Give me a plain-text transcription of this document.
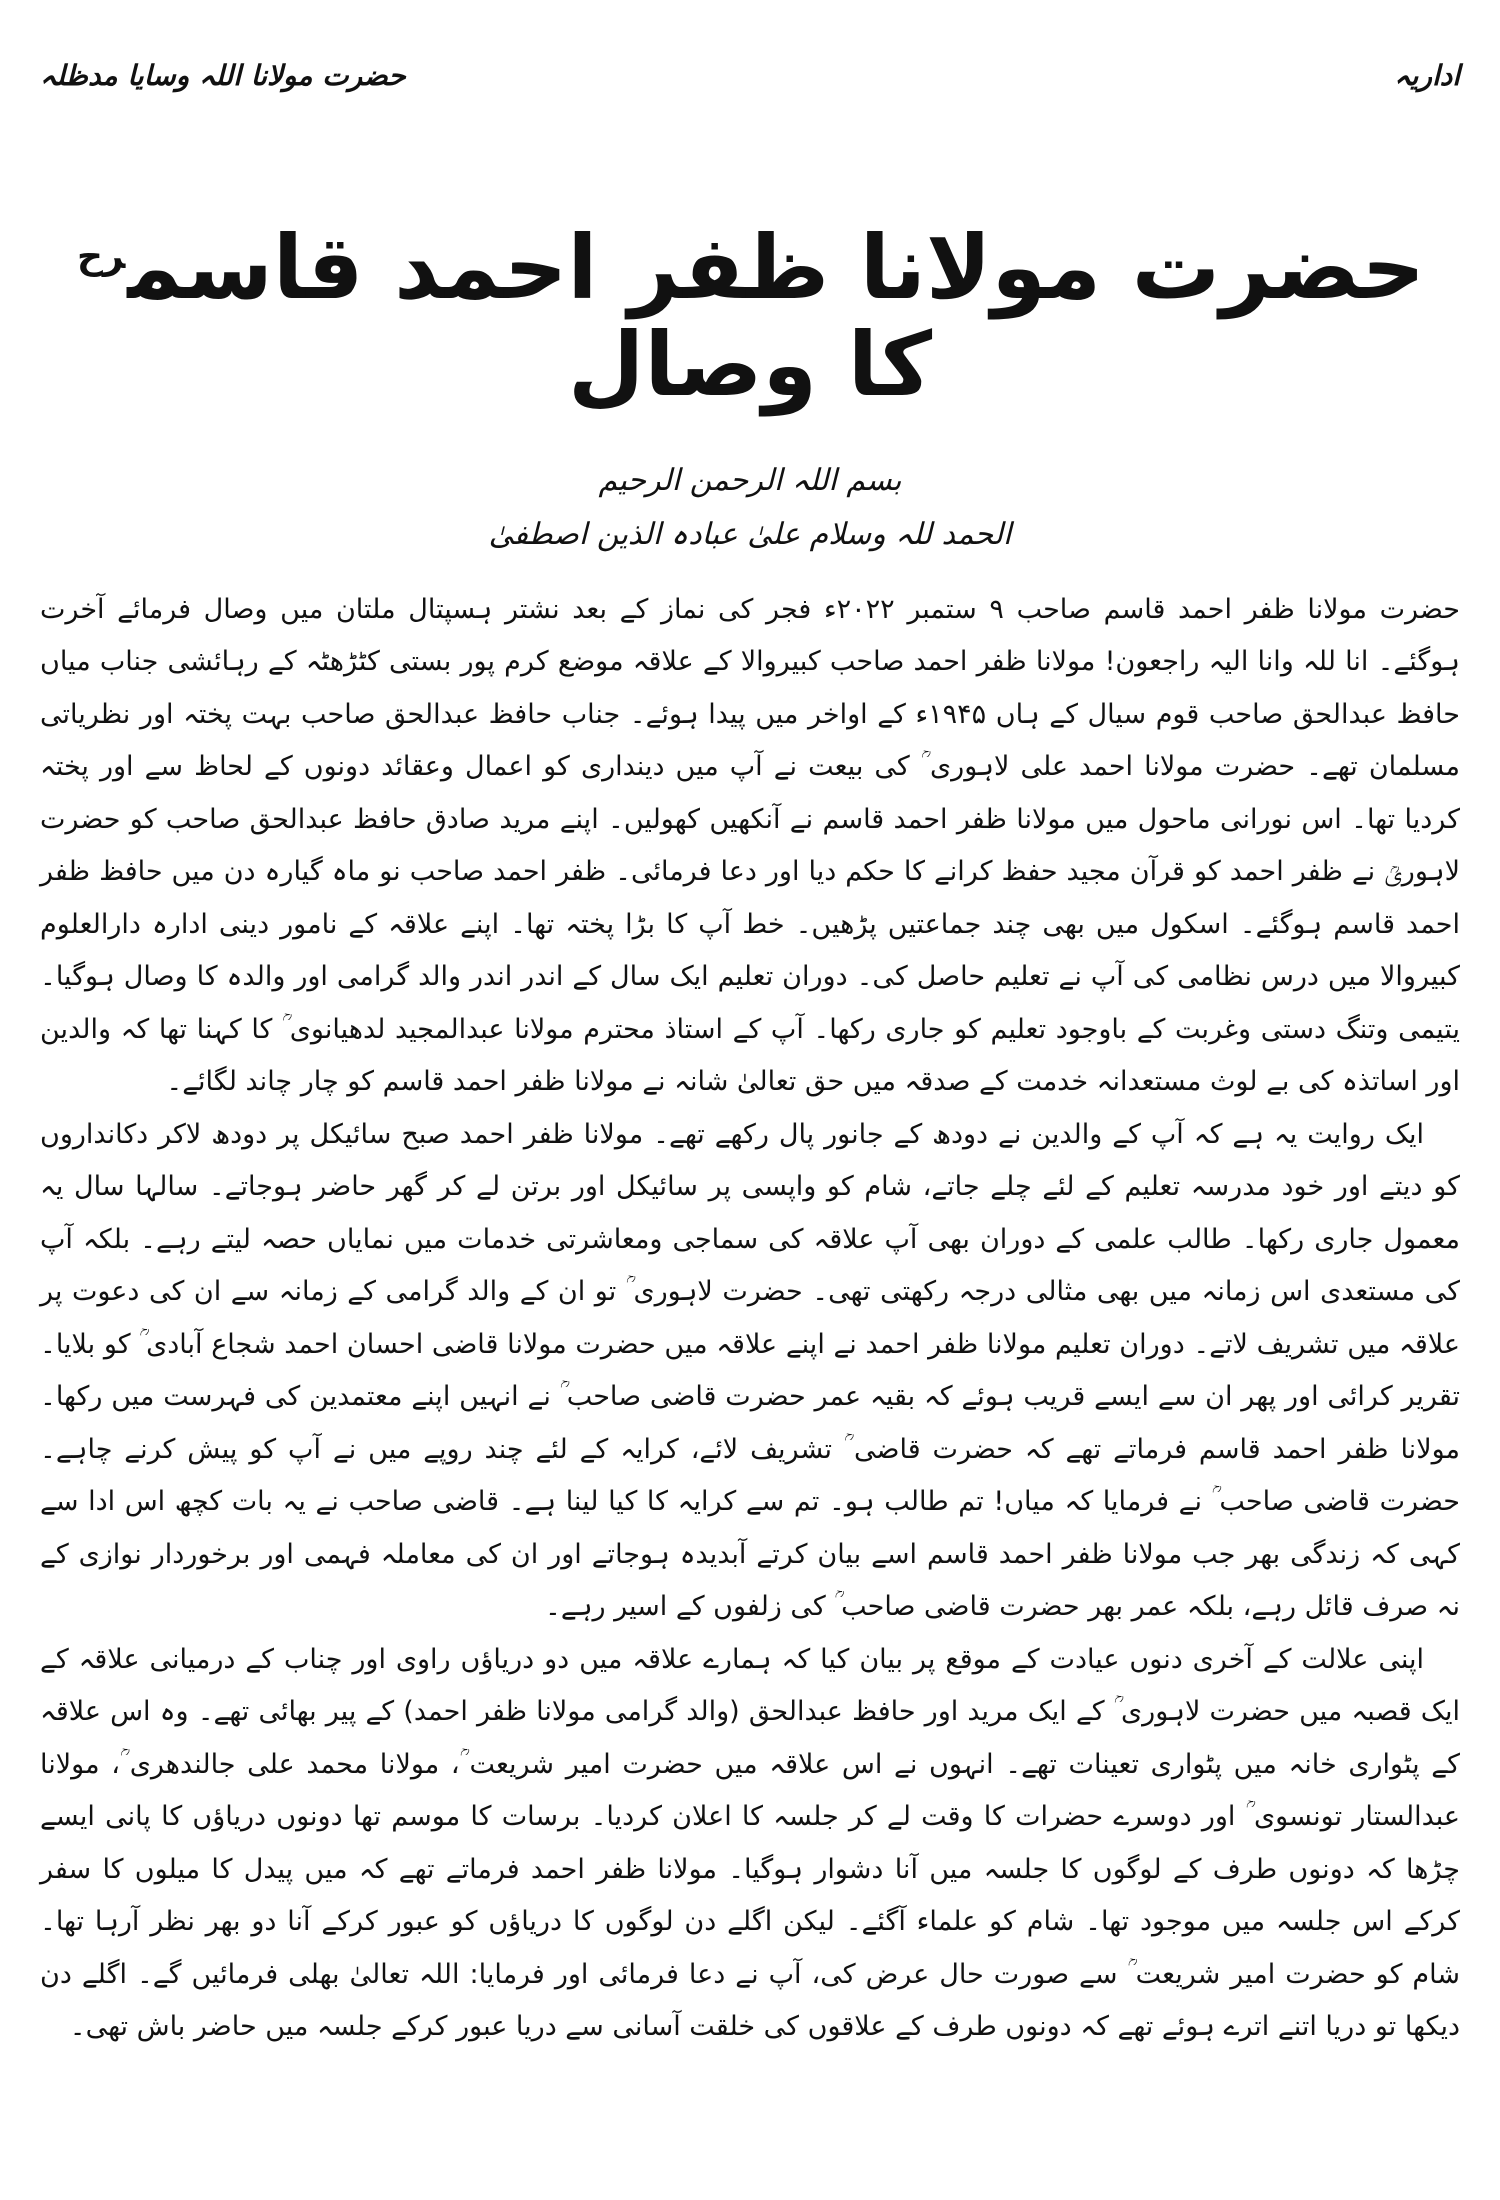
اداریہ
حضرت مولانا اللہ وسایا مدظلہ
حضرت مولانا ظفر احمد قاسم$^{رح}$ کا وصال

بسم اللہ الرحمن الرحیم

الحمد للہ وسلام علیٰ عبادہ الذین اصطفیٰ

حضرت مولانا ظفر احمد قاسم صاحب ۹ ستمبر ۲۰۲۲ء فجر کی نماز کے بعد نشتر ہسپتال ملتان میں وصال فرمائے آخرت ہوگئے۔ انا للہ وانا الیہ راجعون! مولانا ظفر احمد صاحب کبیروالا کے علاقہ موضع کرم پور بستی کٹڑھٹہ کے رہائشی جناب میاں حافظ عبدالحق صاحب قوم سیال کے ہاں ۱۹۴۵ء کے اواخر میں پیدا ہوئے۔ جناب حافظ عبدالحق صاحب بہت پختہ اور نظریاتی مسلمان تھے۔ حضرت مولانا احمد علی لاہوری ؒ کی بیعت نے آپ میں دینداری کو اعمال وعقائد دونوں کے لحاظ سے اور پختہ کردیا تھا۔ اس نورانی ماحول میں مولانا ظفر احمد قاسم نے آنکھیں کھولیں۔ اپنے مرید صادق حافظ عبدالحق صاحب کو حضرت لاہوریؒ نے ظفر احمد کو قرآن مجید حفظ کرانے کا حکم دیا اور دعا فرمائی۔ ظفر احمد صاحب نو ماہ گیارہ دن میں حافظ ظفر احمد قاسم ہوگئے۔ اسکول میں بھی چند جماعتیں پڑھیں۔ خط آپ کا بڑا پختہ تھا۔ اپنے علاقہ کے نامور دینی ادارہ دارالعلوم کبیروالا میں درس نظامی کی آپ نے تعلیم حاصل کی۔ دوران تعلیم ایک سال کے اندر اندر والد گرامی اور والدہ کا وصال ہوگیا۔ یتیمی وتنگ دستی وغربت کے باوجود تعلیم کو جاری رکھا۔ آپ کے استاذ محترم مولانا عبدالمجید لدھیانوی ؒ کا کہنا تھا کہ والدین اور اساتذہ کی بے لوث مستعدانہ خدمت کے صدقہ میں حق تعالیٰ شانہ نے مولانا ظفر احمد قاسم کو چار چاند لگائے۔

ایک روایت یہ ہے کہ آپ کے والدین نے دودھ کے جانور پال رکھے تھے۔ مولانا ظفر احمد صبح سائیکل پر دودھ لاکر دکانداروں کو دیتے اور خود مدرسہ تعلیم کے لئے چلے جاتے، شام کو واپسی پر سائیکل اور برتن لے کر گھر حاضر ہوجاتے۔ سالہا سال یہ معمول جاری رکھا۔ طالب علمی کے دوران بھی آپ علاقہ کی سماجی ومعاشرتی خدمات میں نمایاں حصہ لیتے رہے۔ بلکہ آپ کی مستعدی اس زمانہ میں بھی مثالی درجہ رکھتی تھی۔ حضرت لاہوری ؒ تو ان کے والد گرامی کے زمانہ سے ان کی دعوت پر علاقہ میں تشریف لاتے۔ دوران تعلیم مولانا ظفر احمد نے اپنے علاقہ میں حضرت مولانا قاضی احسان احمد شجاع آبادی ؒ کو بلایا۔ تقریر کرائی اور پھر ان سے ایسے قریب ہوئے کہ بقیہ عمر حضرت قاضی صاحب ؒ نے انہیں اپنے معتمدین کی فہرست میں رکھا۔ مولانا ظفر احمد قاسم فرماتے تھے کہ حضرت قاضی ؒ تشریف لائے، کرایہ کے لئے چند روپے میں نے آپ کو پیش کرنے چاہے۔ حضرت قاضی صاحب ؒ نے فرمایا کہ میاں! تم طالب ہو۔ تم سے کرایہ کا کیا لینا ہے۔ قاضی صاحب نے یہ بات کچھ اس ادا سے کہی کہ زندگی بھر جب مولانا ظفر احمد قاسم اسے بیان کرتے آبدیدہ ہوجاتے اور ان کی معاملہ فہمی اور برخوردار نوازی کے نہ صرف قائل رہے، بلکہ عمر بھر حضرت قاضی صاحب ؒ کی زلفوں کے اسیر رہے۔

اپنی علالت کے آخری دنوں عیادت کے موقع پر بیان کیا کہ ہمارے علاقہ میں دو دریاؤں راوی اور چناب کے درمیانی علاقہ کے ایک قصبہ میں حضرت لاہوری ؒ کے ایک مرید اور حافظ عبدالحق (والد گرامی مولانا ظفر احمد) کے پیر بھائی تھے۔ وہ اس علاقہ کے پٹواری خانہ میں پٹواری تعینات تھے۔ انہوں نے اس علاقہ میں حضرت امیر شریعت ؒ، مولانا محمد علی جالندھری ؒ، مولانا عبدالستار تونسوی ؒ اور دوسرے حضرات کا وقت لے کر جلسہ کا اعلان کردیا۔ برسات کا موسم تھا دونوں دریاؤں کا پانی ایسے چڑھا کہ دونوں طرف کے لوگوں کا جلسہ میں آنا دشوار ہوگیا۔ مولانا ظفر احمد فرماتے تھے کہ میں پیدل کا میلوں کا سفر کرکے اس جلسہ میں موجود تھا۔ شام کو علماء آگئے۔ لیکن اگلے دن لوگوں کا دریاؤں کو عبور کرکے آنا دو بھر نظر آرہا تھا۔ شام کو حضرت امیر شریعت ؒ سے صورت حال عرض کی، آپ نے دعا فرمائی اور فرمایا: اللہ تعالیٰ بھلی فرمائیں گے۔ اگلے دن دیکھا تو دریا اتنے اترے ہوئے تھے کہ دونوں طرف کے علاقوں کی خلقت آسانی سے دریا عبور کرکے جلسہ میں حاضر باش تھی۔
